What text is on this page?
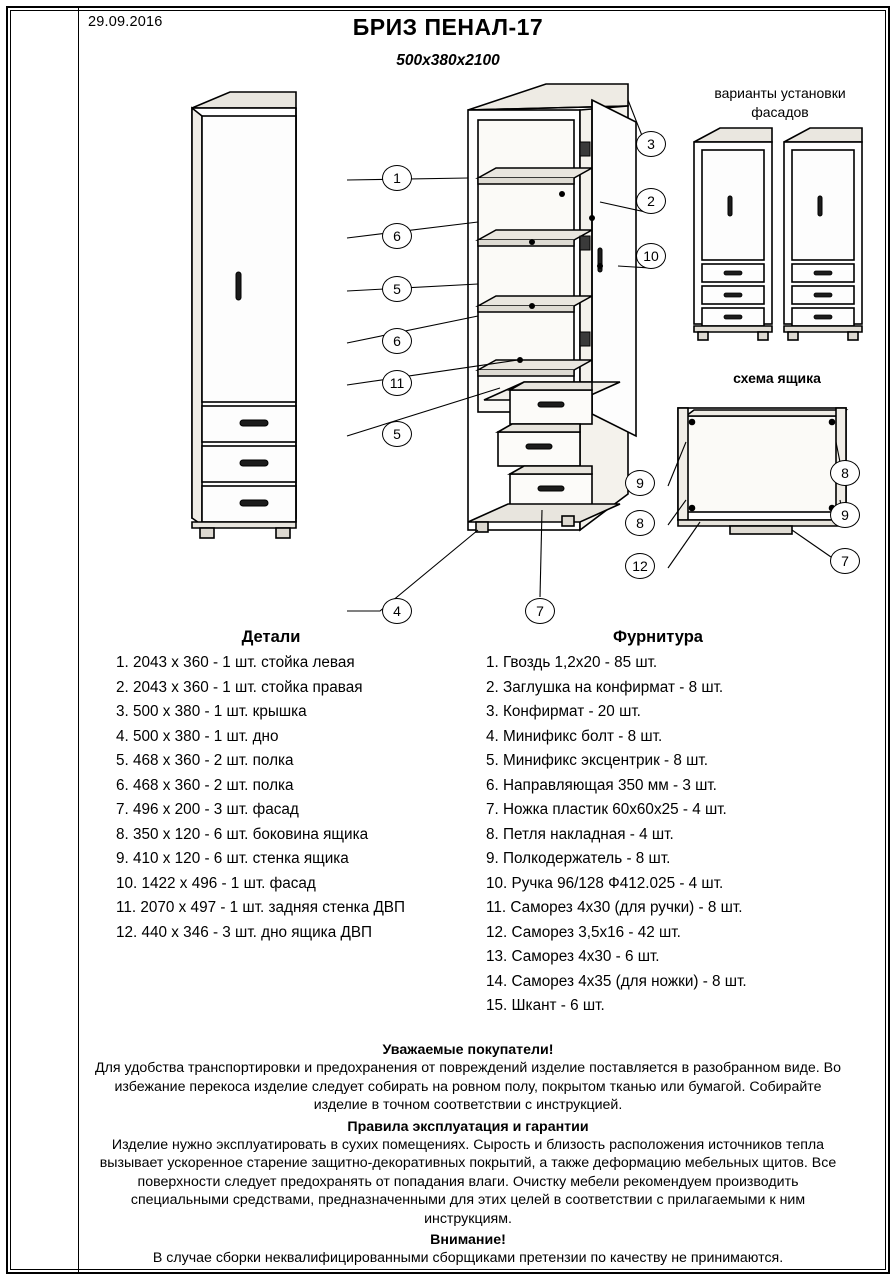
29.09.2016	БРИЗ ПЕНАЛ-17
500х380х2100
1
3
2
6
10
5
6
11
5
4	7
9
8
12
8
9
7
варианты установки
фасадов
схема ящика
Детали
1. 2043 x 360 - 1 шт. стойка левая
2. 2043 x 360 - 1 шт. стойка правая
3. 500 x 380 - 1 шт. крышка
4. 500 x 380 - 1 шт. дно
5. 468 x 360 - 2 шт. полка
6. 468 x 360 - 2 шт. полка
7. 496 x 200 - 3 шт. фасад
8. 350 x 120 - 6 шт. боковина ящика
9. 410 x 120 - 6 шт. стенка ящика
10. 1422 x 496 - 1 шт. фасад
11. 2070 x 497 - 1 шт. задняя стенка ДВП
12. 440 x 346 - 3 шт. дно ящика ДВП
Фурнитура
1. Гвоздь 1,2х20 - 85 шт.
2. Заглушка на конфирмат - 8 шт.
3. Конфирмат - 20 шт.
4. Минификс болт - 8 шт.
5. Минификс эксцентрик - 8 шт.
6. Направляющая 350 мм - 3 шт.
7. Ножка пластик 60х60х25 - 4 шт.
8. Петля накладная - 4 шт.
9. Полкодержатель - 8 шт.
10. Ручка 96/128 Ф412.025 - 4 шт.
11. Саморез 4х30 (для ручки) - 8 шт.
12. Саморез 3,5х16 - 42 шт.
13. Саморез 4х30 - 6 шт.
14. Саморез 4х35 (для ножки) - 8 шт.
15. Шкант - 6 шт.
Уважаемые покупатели!
Для удобства транспортировки и предохранения от повреждений изделие поставляется в разобранном виде. Во избежание перекоса изделие следует собирать на ровном полу, покрытом тканью или бумагой. Собирайте изделие в точном соответствии с инструкцией.
Правила эксплуатация и гарантии
Изделие нужно эксплуатировать в сухих помещениях. Сырость и близость расположения источников тепла вызывает ускоренное старение защитно-декоративных покрытий, а также деформацию мебельных щитов. Все поверхности следует предохранять от попадания влаги. Очистку мебели рекомендуем производить специальными средствами, предназначенными для этих целей в соответствии с прилагаемыми к ним инструкциям.
Внимание!
В случае сборки неквалифицированными сборщиками претензии по качеству не принимаются.
